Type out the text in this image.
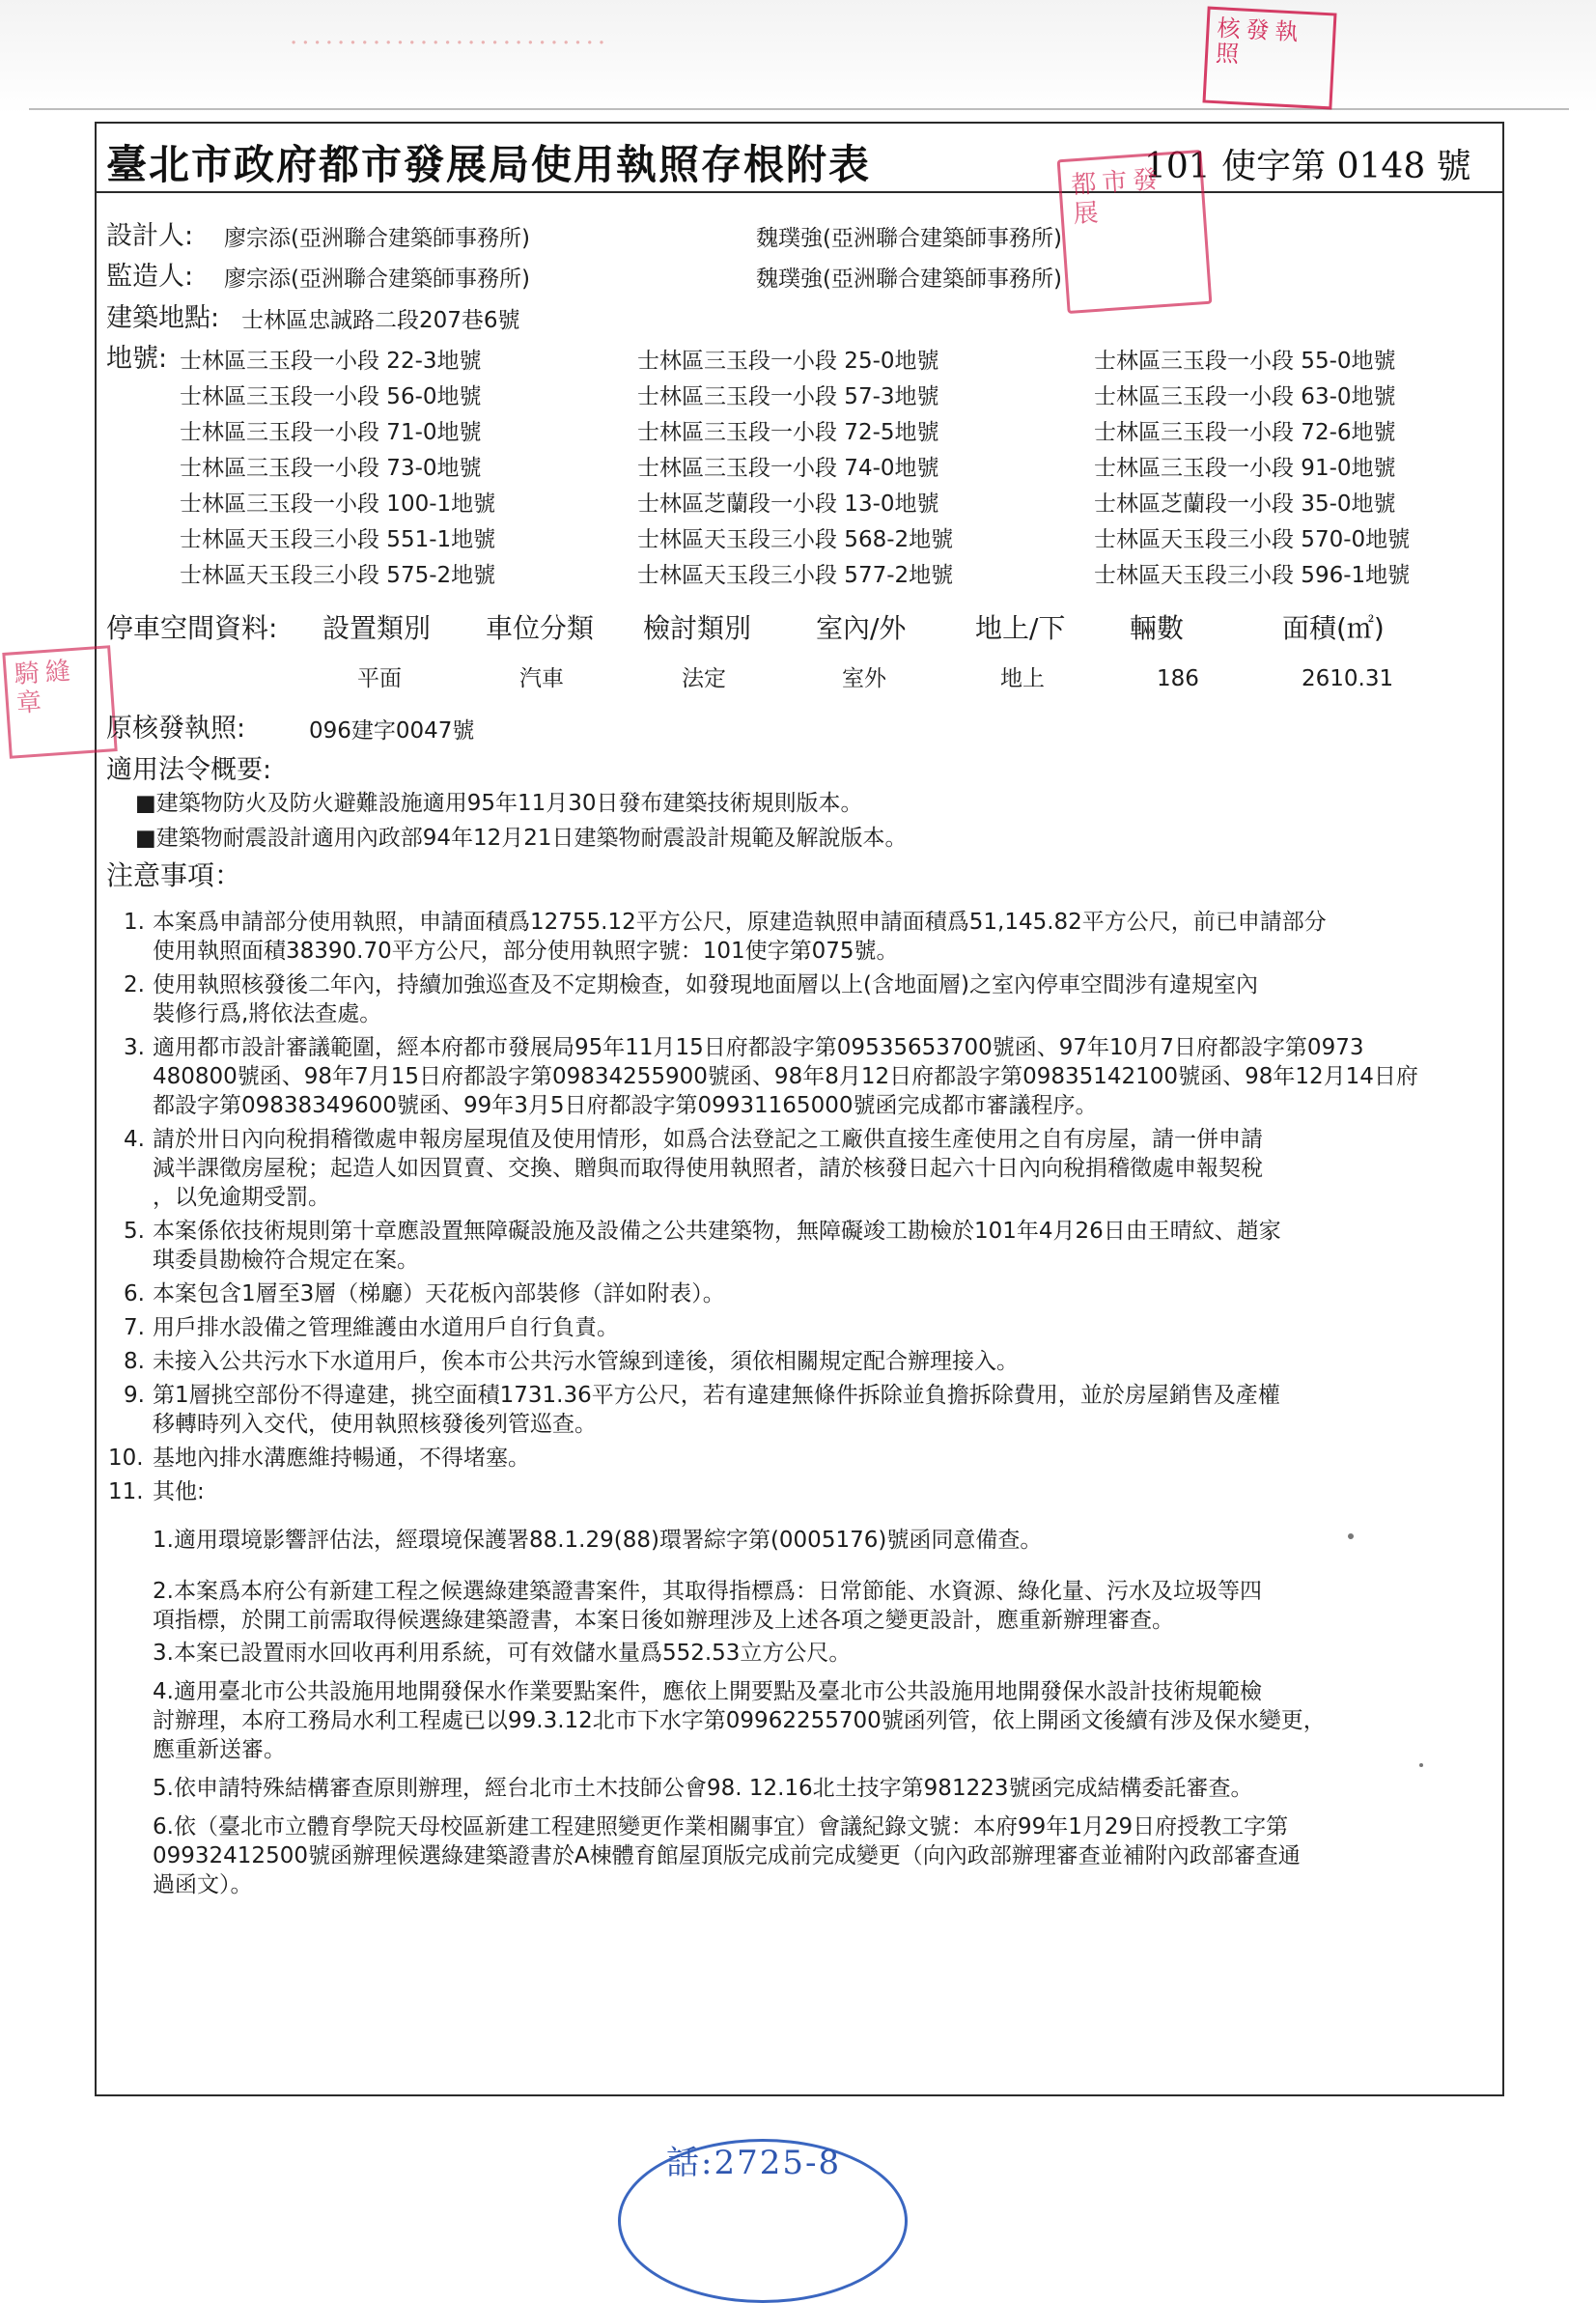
···························	核發執照
臺北市政府都市發展局使用執照存根附表	101 使字第 0148 號
都市發展
設計人: 廖宗添(亞洲聯合建築師事務所)	魏璞強(亞洲聯合建築師事務所)
監造人: 廖宗添(亞洲聯合建築師事務所)	魏璞強(亞洲聯合建築師事務所)
建築地點: 士林區忠誠路二段207巷6號
地號: 士林區三玉段一小段 22-3地號	士林區三玉段一小段 25-0地號	士林區三玉段一小段 55-0地號
士林區三玉段一小段 56-0地號	士林區三玉段一小段 57-3地號	士林區三玉段一小段 63-0地號
士林區三玉段一小段 71-0地號	士林區三玉段一小段 72-5地號	士林區三玉段一小段 72-6地號
士林區三玉段一小段 73-0地號	士林區三玉段一小段 74-0地號	士林區三玉段一小段 91-0地號
士林區三玉段一小段 100-1地號	士林區芝蘭段一小段 13-0地號	士林區芝蘭段一小段 35-0地號
士林區天玉段三小段 551-1地號	士林區天玉段三小段 568-2地號	士林區天玉段三小段 570-0地號
士林區天玉段三小段 575-2地號	士林區天玉段三小段 577-2地號	士林區天玉段三小段 596-1地號
停車空間資料: 設置類別 車位分類 檢討類別 室內/外	地上/下 輛數	面積(㎡)
平面	汽車	法定	室外	地上	186	2610.31
騎縫章
原核發執照:	096建字0047號
適用法令概要:
■建築物防火及防火避難設施適用95年11月30日發布建築技術規則版本。
■建築物耐震設計適用內政部94年12月21日建築物耐震設計規範及解說版本。
注意事項：
1. 本案爲申請部分使用執照，申請面積爲12755.12平方公尺，原建造執照申請面積爲51,145.82平方公尺，前已申請部分
使用執照面積38390.70平方公尺，部分使用執照字號：101使字第075號。
2. 使用執照核發後二年內，持續加強巡查及不定期檢查，如發現地面層以上(含地面層)之室內停車空間涉有違規室內
裝修行爲,將依法查處。
3. 適用都市設計審議範圍，經本府都市發展局95年11月15日府都設字第09535653700號函、97年10月7日府都設字第0973
480800號函、98年7月15日府都設字第09834255900號函、98年8月12日府都設字第09835142100號函、98年12月14日府
都設字第09838349600號函、99年3月5日府都設字第09931165000號函完成都市審議程序。
4. 請於卅日內向稅捐稽徵處申報房屋現值及使用情形，如爲合法登記之工廠供直接生產使用之自有房屋，請一併申請
減半課徵房屋稅；起造人如因買賣、交換、贈與而取得使用執照者，請於核發日起六十日內向稅捐稽徵處申報契稅
，以免逾期受罰。
5. 本案係依技術規則第十章應設置無障礙設施及設備之公共建築物，無障礙竣工勘檢於101年4月26日由王晴紋、趙家
琪委員勘檢符合規定在案。
6. 本案包含1層至3層（梯廳）天花板內部裝修（詳如附表）。
7. 用戶排水設備之管理維護由水道用戶自行負責。
8. 未接入公共污水下水道用戶，俟本市公共污水管線到達後，須依相關規定配合辦理接入。
9. 第1層挑空部份不得違建，挑空面積1731.36平方公尺，若有違建無條件拆除並負擔拆除費用，並於房屋銷售及產權
移轉時列入交代，使用執照核發後列管巡查。
10. 基地內排水溝應維持暢通，不得堵塞。
11. 其他:
1.適用環境影響評估法，經環境保護署88.1.29(88)環署綜字第(0005176)號函同意備查。
2.本案爲本府公有新建工程之候選綠建築證書案件，其取得指標爲：日常節能、水資源、綠化量、污水及垃圾等四
項指標，於開工前需取得候選綠建築證書，本案日後如辦理涉及上述各項之變更設計，應重新辦理審查。
3.本案已設置雨水回收再利用系統，可有效儲水量爲552.53立方公尺。
4.適用臺北市公共設施用地開發保水作業要點案件，應依上開要點及臺北市公共設施用地開發保水設計技術規範檢
討辦理，本府工務局水利工程處已以99.3.12北市下水字第09962255700號函列管，依上開函文後續有涉及保水變更，
應重新送審。
5.依申請特殊結構審查原則辦理，經台北市土木技師公會98. 12.16北土技字第981223號函完成結構委託審查。
6.依（臺北市立體育學院天母校區新建工程建照變更作業相關事宜）會議紀錄文號：本府99年1月29日府授教工字第
09932412500號函辦理候選綠建築證書於A棟體育館屋頂版完成前完成變更（向內政部辦理審查並補附內政部審查通
過函文）。
話:2725-8
